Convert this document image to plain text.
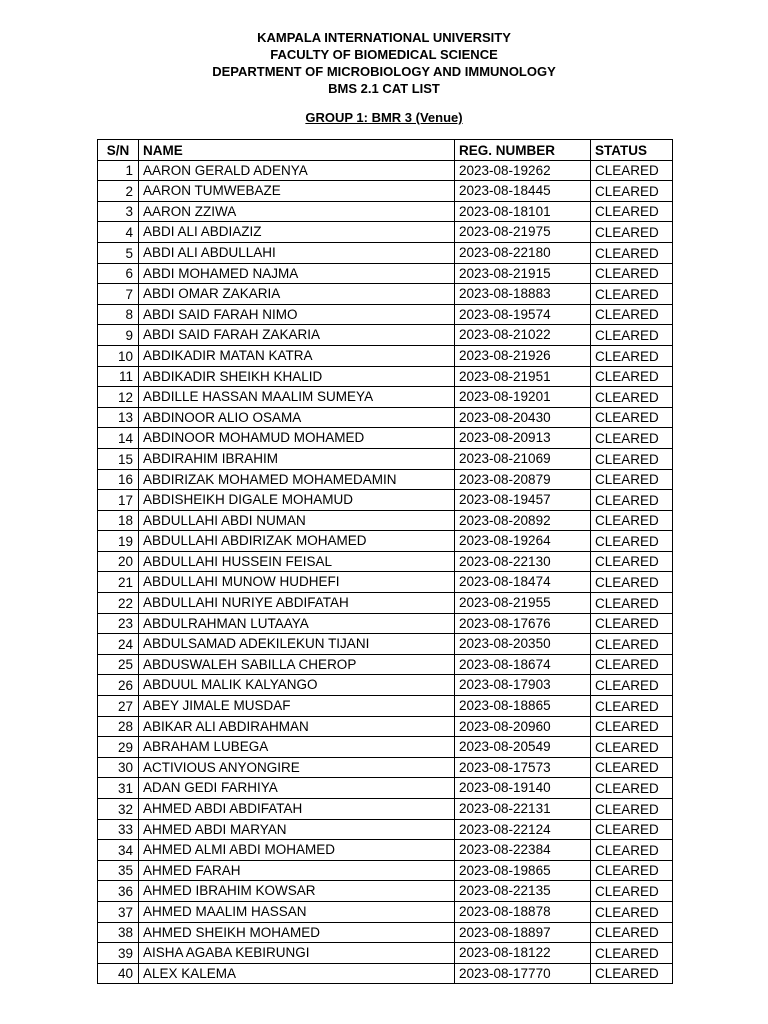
KAMPALA INTERNATIONAL UNIVERSITY
FACULTY OF BIOMEDICAL SCIENCE
DEPARTMENT OF MICROBIOLOGY AND IMMUNOLOGY
BMS 2.1 CAT LIST
GROUP 1: BMR 3 (Venue)
S/N	NAME	REG. NUMBER	STATUS
1	AARON GERALD ADENYA	2023-08-19262	CLEARED
2	AARON TUMWEBAZE	2023-08-18445	CLEARED
3	AARON ZZIWA	2023-08-18101	CLEARED
4	ABDI ALI ABDIAZIZ	2023-08-21975	CLEARED
5	ABDI ALI ABDULLAHI	2023-08-22180	CLEARED
6	ABDI MOHAMED NAJMA	2023-08-21915	CLEARED
7	ABDI OMAR ZAKARIA	2023-08-18883	CLEARED
8	ABDI SAID FARAH NIMO	2023-08-19574	CLEARED
9	ABDI SAID FARAH ZAKARIA	2023-08-21022	CLEARED
10	ABDIKADIR MATAN KATRA	2023-08-21926	CLEARED
11	ABDIKADIR SHEIKH KHALID	2023-08-21951	CLEARED
12	ABDILLE HASSAN MAALIM SUMEYA	2023-08-19201	CLEARED
13	ABDINOOR ALIO OSAMA	2023-08-20430	CLEARED
14	ABDINOOR MOHAMUD MOHAMED	2023-08-20913	CLEARED
15	ABDIRAHIM IBRAHIM	2023-08-21069	CLEARED
16	ABDIRIZAK MOHAMED MOHAMEDAMIN	2023-08-20879	CLEARED
17	ABDISHEIKH DIGALE MOHAMUD	2023-08-19457	CLEARED
18	ABDULLAHI ABDI NUMAN	2023-08-20892	CLEARED
19	ABDULLAHI ABDIRIZAK MOHAMED	2023-08-19264	CLEARED
20	ABDULLAHI HUSSEIN FEISAL	2023-08-22130	CLEARED
21	ABDULLAHI MUNOW HUDHEFI	2023-08-18474	CLEARED
22	ABDULLAHI NURIYE ABDIFATAH	2023-08-21955	CLEARED
23	ABDULRAHMAN LUTAAYA	2023-08-17676	CLEARED
24	ABDULSAMAD ADEKILEKUN TIJANI	2023-08-20350	CLEARED
25	ABDUSWALEH SABILLA CHEROP	2023-08-18674	CLEARED
26	ABDUUL MALIK KALYANGO	2023-08-17903	CLEARED
27	ABEY JIMALE MUSDAF	2023-08-18865	CLEARED
28	ABIKAR ALI ABDIRAHMAN	2023-08-20960	CLEARED
29	ABRAHAM LUBEGA	2023-08-20549	CLEARED
30	ACTIVIOUS ANYONGIRE	2023-08-17573	CLEARED
31	ADAN GEDI FARHIYA	2023-08-19140	CLEARED
32	AHMED ABDI ABDIFATAH	2023-08-22131	CLEARED
33	AHMED ABDI MARYAN	2023-08-22124	CLEARED
34	AHMED ALMI ABDI MOHAMED	2023-08-22384	CLEARED
35	AHMED FARAH	2023-08-19865	CLEARED
36	AHMED IBRAHIM KOWSAR	2023-08-22135	CLEARED
37	AHMED MAALIM HASSAN	2023-08-18878	CLEARED
38	AHMED SHEIKH MOHAMED	2023-08-18897	CLEARED
39	AISHA AGABA KEBIRUNGI	2023-08-18122	CLEARED
40	ALEX KALEMA	2023-08-17770	CLEARED
